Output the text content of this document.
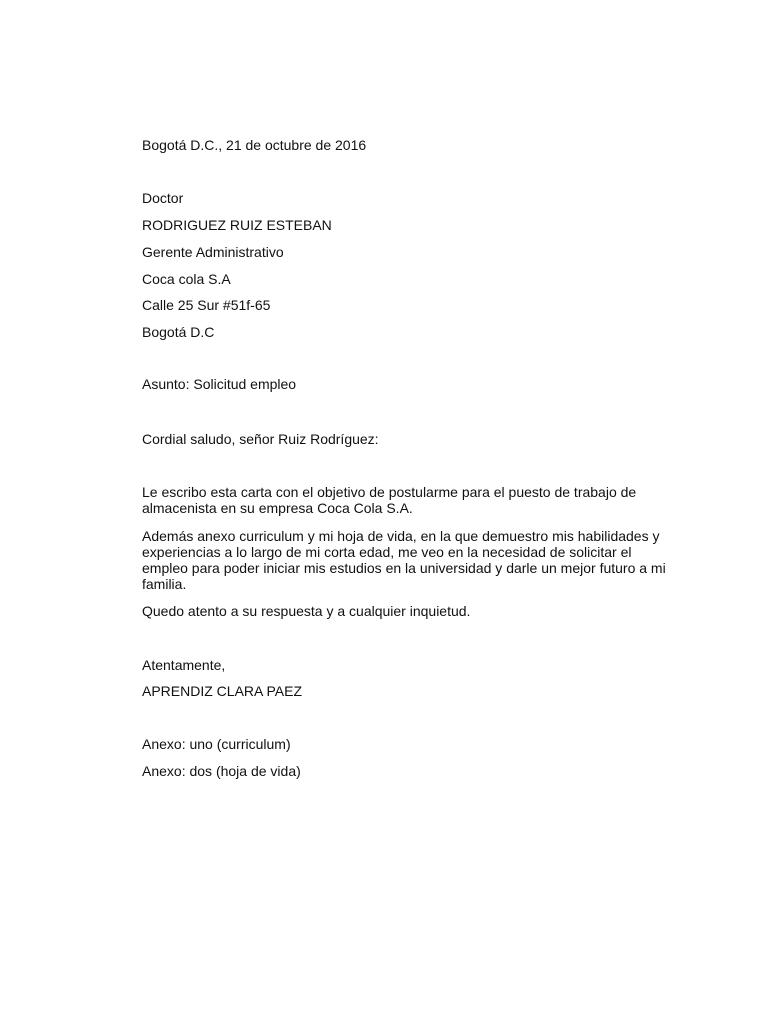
Bogotá D.C., 21 de octubre de 2016
Doctor
RODRIGUEZ RUIZ ESTEBAN
Gerente Administrativo
Coca cola S.A
Calle 25 Sur #51f-65
Bogotá D.C
Asunto: Solicitud empleo
Cordial saludo, señor Ruiz Rodríguez:
Le escribo esta carta con el objetivo de postularme para el puesto de trabajo de
almacenista en su empresa Coca Cola S.A.
Además anexo curriculum y mi hoja de vida, en la que demuestro mis habilidades y
experiencias a lo largo de mi corta edad, me veo en la necesidad de solicitar el
empleo para poder iniciar mis estudios en la universidad y darle un mejor futuro a mi
familia.
Quedo atento a su respuesta y a cualquier inquietud.
Atentamente,
APRENDIZ CLARA PAEZ
Anexo: uno (curriculum)
Anexo: dos (hoja de vida)
